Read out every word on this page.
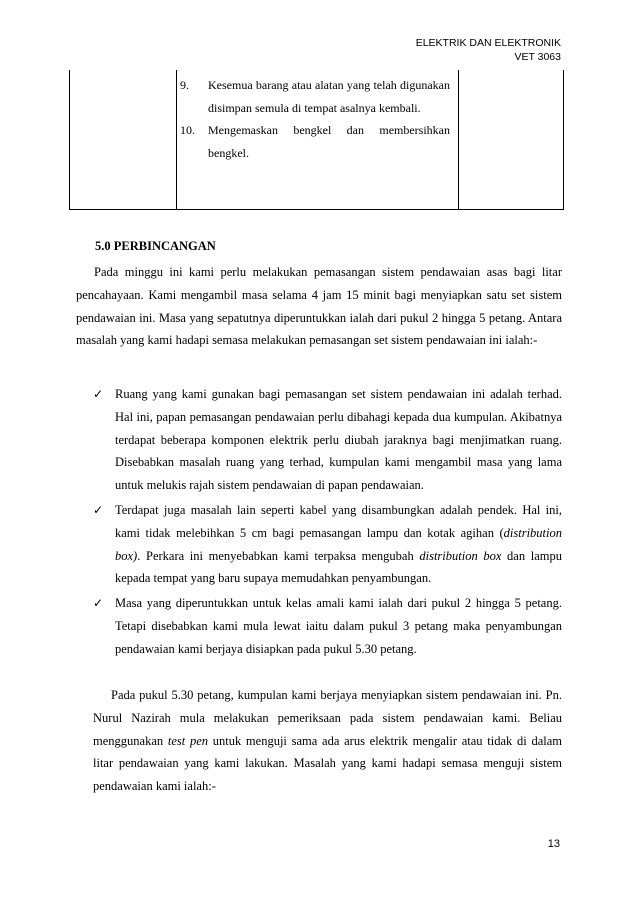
ELEKTRIK DAN ELEKTRONIK
VET 3063
9.	Kesemua barang atau alatan yang telah digunakan disimpan semula di tempat asalnya kembali.
10.	Mengemaskan bengkel dan membersihkan bengkel.
5.0 PERBINCANGAN

Pada minggu ini kami perlu melakukan pemasangan sistem pendawaian asas bagi litar pencahayaan. Kami mengambil masa selama 4 jam 15 minit bagi menyiapkan satu set sistem pendawaian ini. Masa yang sepatutnya diperuntukkan ialah dari pukul 2 hingga 5 petang. Antara masalah yang kami hadapi semasa melakukan pemasangan set sistem pendawaian ini ialah:-

✓ Ruang yang kami gunakan bagi pemasangan set sistem pendawaian ini adalah terhad. Hal ini, papan pemasangan pendawaian perlu dibahagi kepada dua kumpulan. Akibatnya terdapat beberapa komponen elektrik perlu diubah jaraknya bagi menjimatkan ruang. Disebabkan masalah ruang yang terhad, kumpulan kami mengambil masa yang lama untuk melukis rajah sistem pendawaian di papan pendawaian.
✓ Terdapat juga masalah lain seperti kabel yang disambungkan adalah pendek. Hal ini, kami tidak melebihkan 5 cm bagi pemasangan lampu dan kotak agihan (distribution box). Perkara ini menyebabkan kami terpaksa mengubah distribution box dan lampu kepada tempat yang baru supaya memudahkan penyambungan.
✓ Masa yang diperuntukkan untuk kelas amali kami ialah dari pukul 2 hingga 5 petang. Tetapi disebabkan kami mula lewat iaitu dalam pukul 3 petang maka penyambungan pendawaian kami berjaya disiapkan pada pukul 5.30 petang.

Pada pukul 5.30 petang, kumpulan kami berjaya menyiapkan sistem pendawaian ini. Pn. Nurul Nazirah mula melakukan pemeriksaan pada sistem pendawaian kami. Beliau menggunakan test pen untuk menguji sama ada arus elektrik mengalir atau tidak di dalam litar pendawaian yang kami lakukan. Masalah yang kami hadapi semasa menguji sistem pendawaian kami ialah:-

13
